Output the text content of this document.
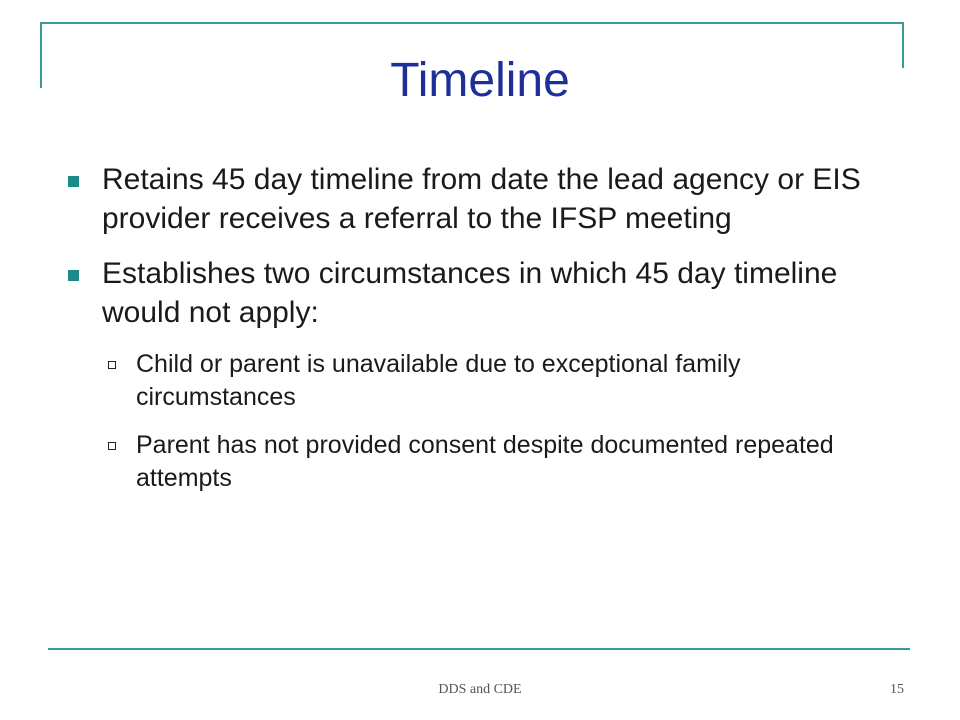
Timeline
Retains 45 day timeline from date the lead agency or EIS provider receives a referral to the IFSP meeting
Establishes two circumstances in which 45 day timeline would not apply:
Child or parent is unavailable due to exceptional family circumstances
Parent has not provided consent despite documented repeated attempts
DDS and CDE	15
